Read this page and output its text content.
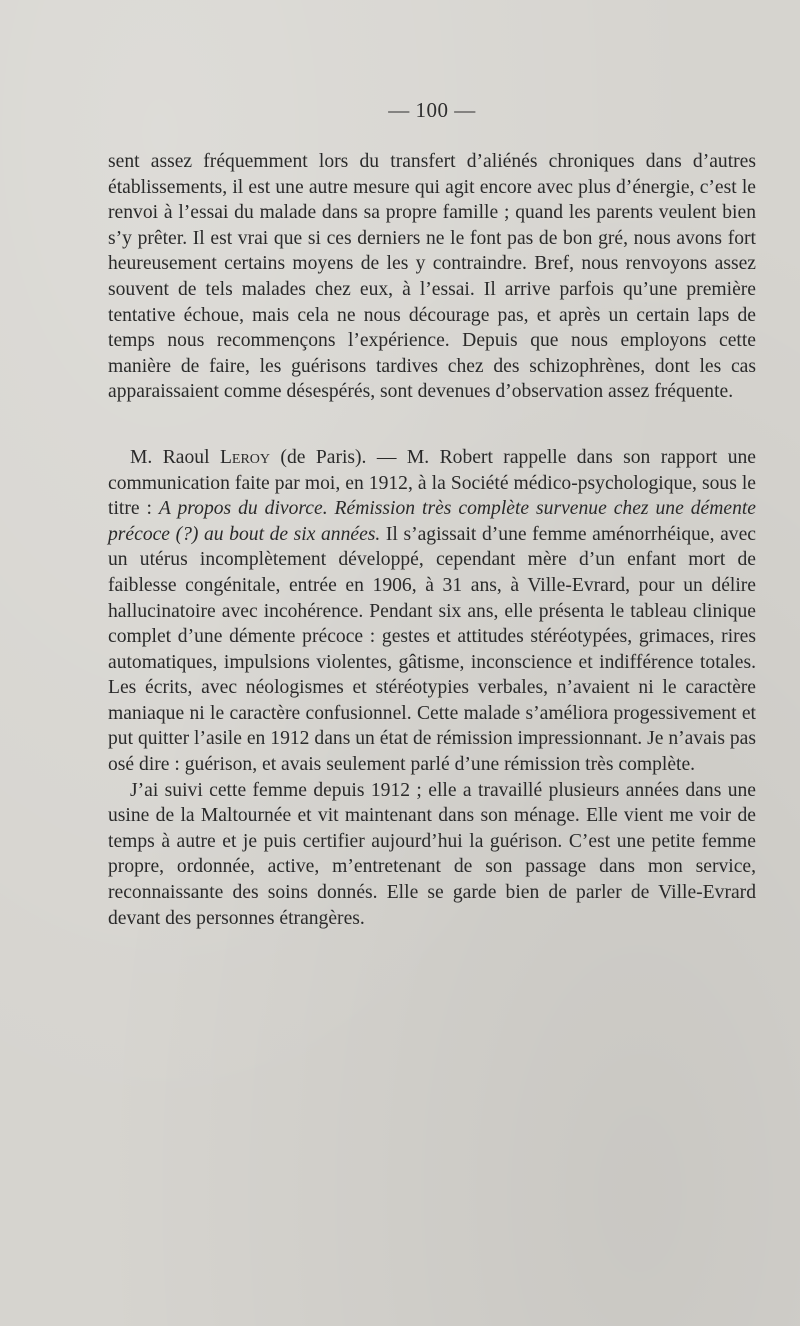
— 100 —

sent assez fréquemment lors du transfert d’aliénés chroniques dans d’autres établissements, il est une autre mesure qui agit encore avec plus d’énergie, c’est le renvoi à l’essai du malade dans sa propre famille ; quand les parents veulent bien s’y prêter. Il est vrai que si ces derniers ne le font pas de bon gré, nous avons fort heureusement certains moyens de les y contraindre. Bref, nous renvoyons assez souvent de tels malades chez eux, à l’essai. Il arrive parfois qu’une première tentative échoue, mais cela ne nous décourage pas, et après un certain laps de temps nous recommençons l’expérience. Depuis que nous employons cette manière de faire, les guérisons tardives chez des schizophrènes, dont les cas apparaissaient comme désespérés, sont devenues d’observation assez fréquente.

M. Raoul Leroy (de Paris). — M. Robert rappelle dans son rapport une communication faite par moi, en 1912, à la Société médico-psychologique, sous le titre : A propos du divorce. Rémission très complète survenue chez une démente précoce (?) au bout de six années. Il s’agissait d’une femme aménorrhéique, avec un utérus incomplètement développé, cependant mère d’un enfant mort de faiblesse congénitale, entrée en 1906, à 31 ans, à Ville-Evrard, pour un délire hallucinatoire avec incohérence. Pendant six ans, elle présenta le tableau clinique complet d’une démente précoce : gestes et attitudes stéréotypées, grimaces, rires automatiques, impulsions violentes, gâtisme, inconscience et indifférence totales. Les écrits, avec néologismes et stéréotypies verbales, n’avaient ni le caractère maniaque ni le caractère confusionnel. Cette malade s’améliora progessivement et put quitter l’asile en 1912 dans un état de rémission impressionnant. Je n’avais pas osé dire : guérison, et avais seulement parlé d’une rémission très complète.

J’ai suivi cette femme depuis 1912 ; elle a travaillé plusieurs années dans une usine de la Maltournée et vit maintenant dans son ménage. Elle vient me voir de temps à autre et je puis certifier aujourd’hui la guérison. C’est une petite femme propre, ordonnée, active, m’entretenant de son passage dans mon service, reconnaissante des soins donnés. Elle se garde bien de parler de Ville-Evrard devant des personnes étrangères.
